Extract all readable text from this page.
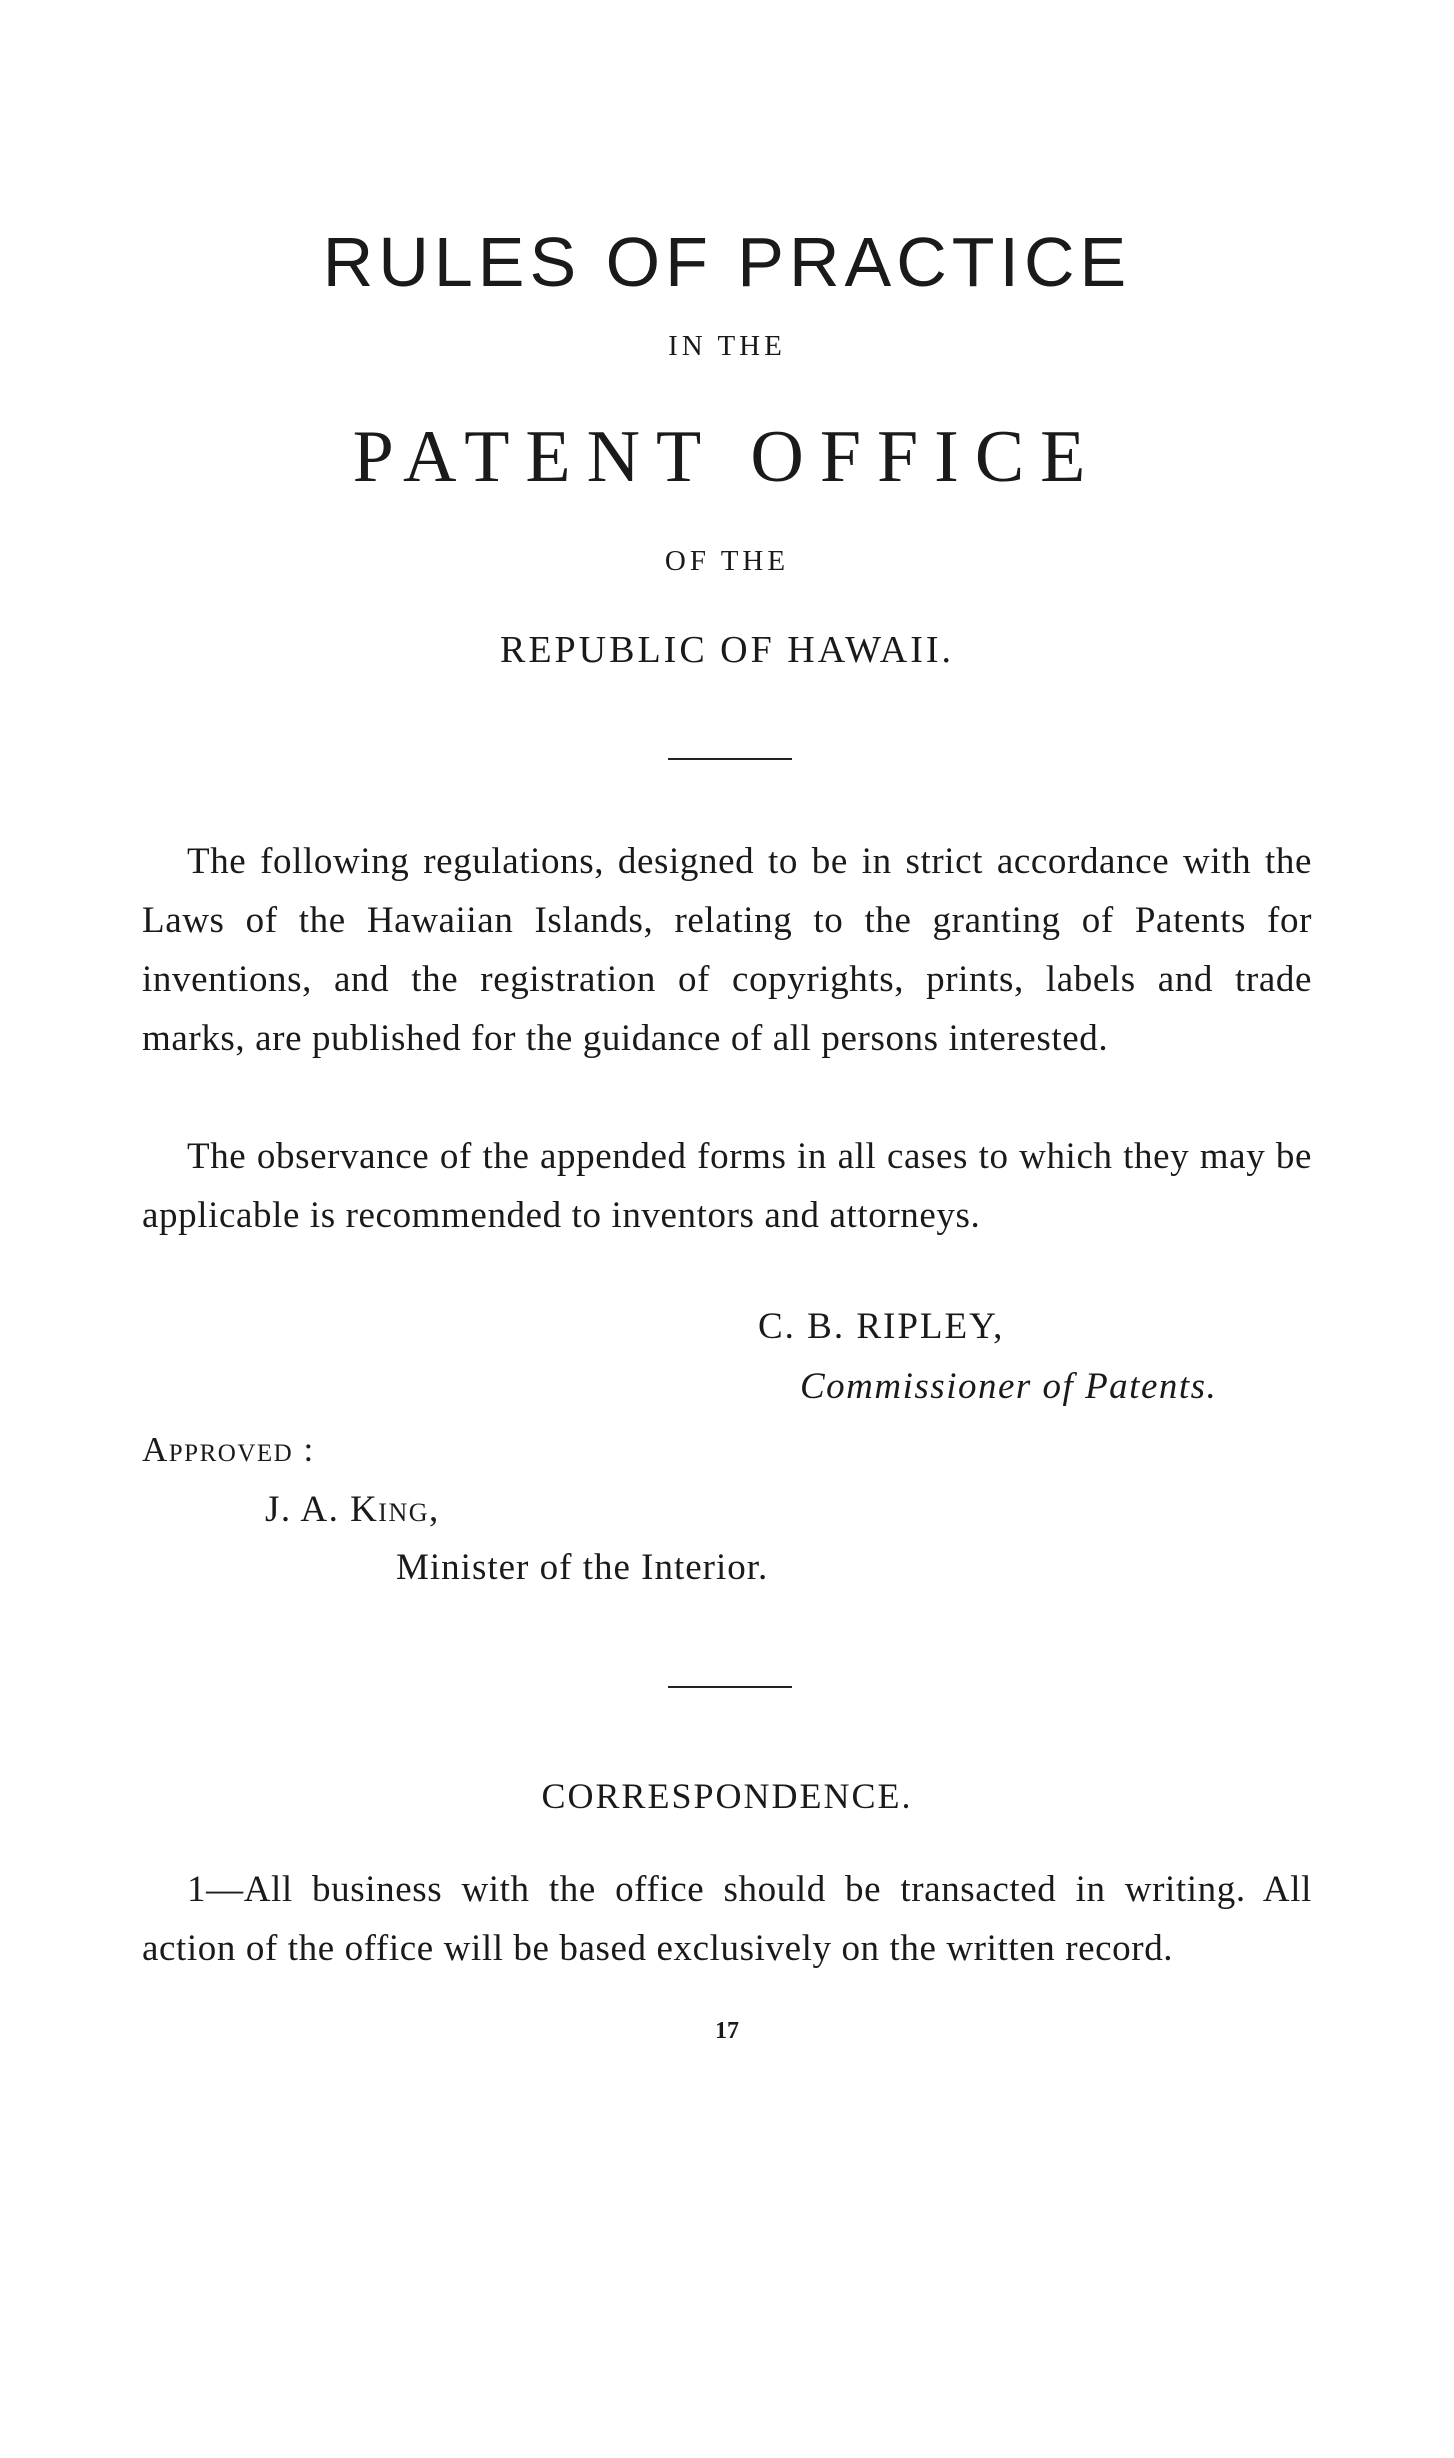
RULES OF PRACTICE
IN THE
PATENT OFFICE
OF THE
REPUBLIC OF HAWAII.

The following regulations, designed to be in strict accordance with the Laws of the Hawaiian Islands, relating to the granting of Patents for inventions, and the registration of copyrights, prints, labels and trade marks, are published for the guidance of all persons interested.

The observance of the appended forms in all cases to which they may be applicable is recommended to inventors and attorneys.

C. B. RIPLEY,
Commissioner of Patents.
Approved :
J. A. King,
Minister of the Interior.
CORRESPONDENCE.

1—All business with the office should be transacted in writing. All action of the office will be based exclusively on the written record.

17
